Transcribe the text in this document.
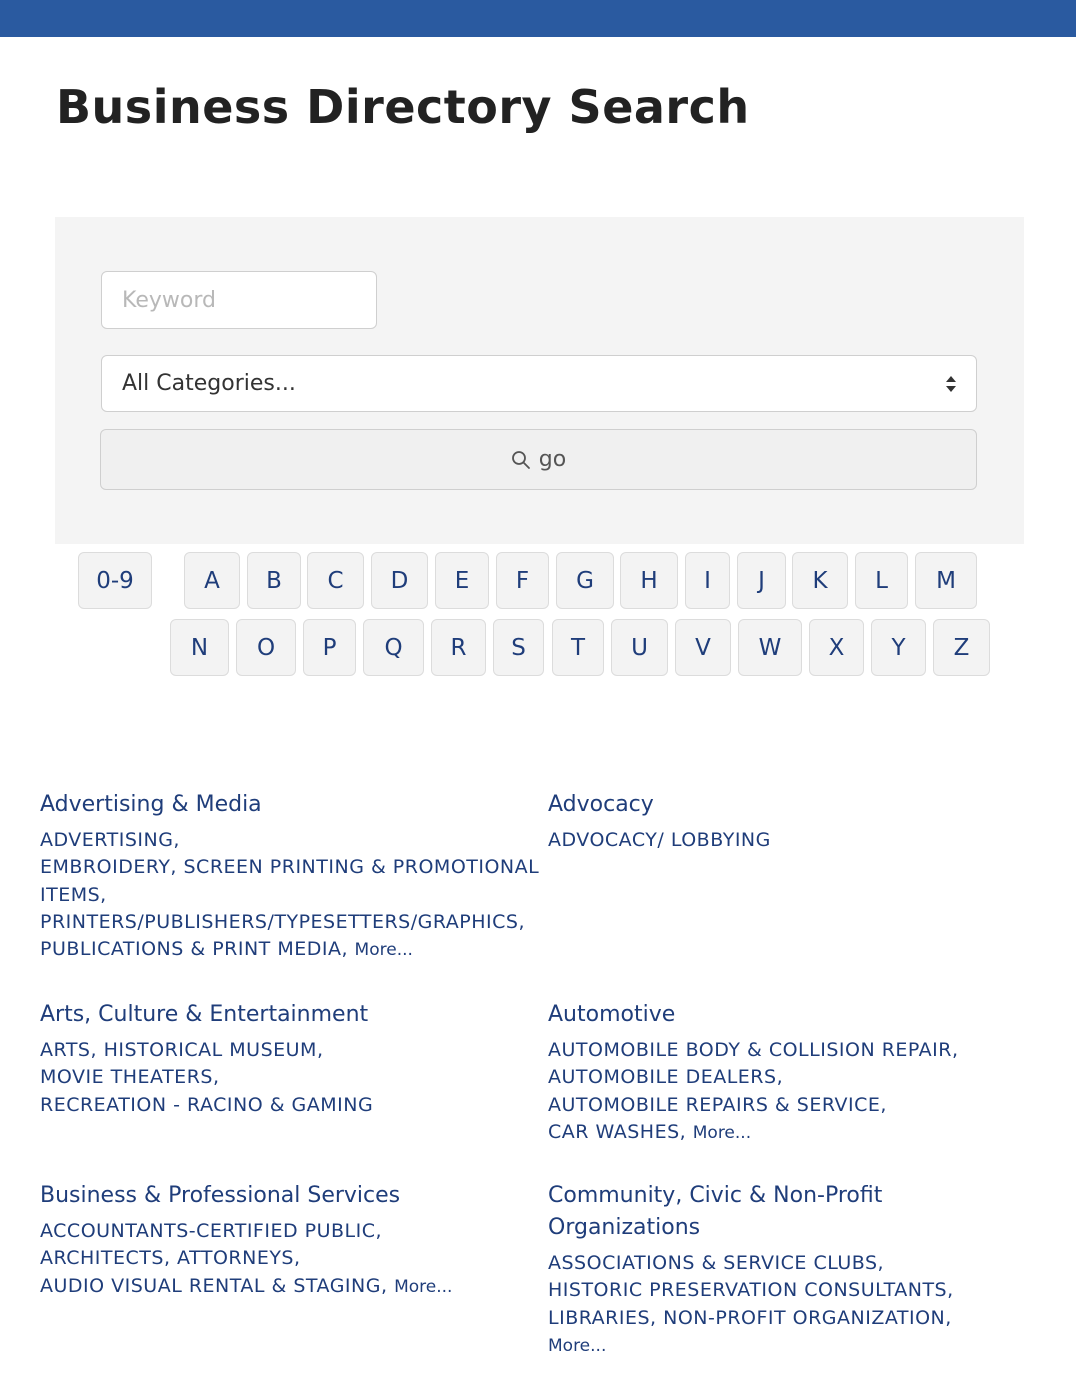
Business Directory Search
Keyword
All Categories...
go
0-9	A	B	C	D	E	F	G	H	I	J	K	L	M
N	O	P	Q	R	S	T	U	V	W	X	Y	Z
Advertising & Media
ADVERTISING,
EMBROIDERY, SCREEN PRINTING & PROMOTIONAL ITEMS,
PRINTERS/PUBLISHERS/TYPESETTERS/GRAPHICS,
PUBLICATIONS & PRINT MEDIA, More...
Advocacy
ADVOCACY/ LOBBYING
Arts, Culture & Entertainment
ARTS, HISTORICAL MUSEUM,
MOVIE THEATERS,
RECREATION - RACINO & GAMING
Automotive
AUTOMOBILE BODY & COLLISION REPAIR,
AUTOMOBILE DEALERS,
AUTOMOBILE REPAIRS & SERVICE,
CAR WASHES, More...
Business & Professional Services
ACCOUNTANTS-CERTIFIED PUBLIC,
ARCHITECTS, ATTORNEYS,
AUDIO VISUAL RENTAL & STAGING, More...
Community, Civic & Non-Profit Organizations
ASSOCIATIONS & SERVICE CLUBS,
HISTORIC PRESERVATION CONSULTANTS,
LIBRARIES, NON-PROFIT ORGANIZATION,
More...
